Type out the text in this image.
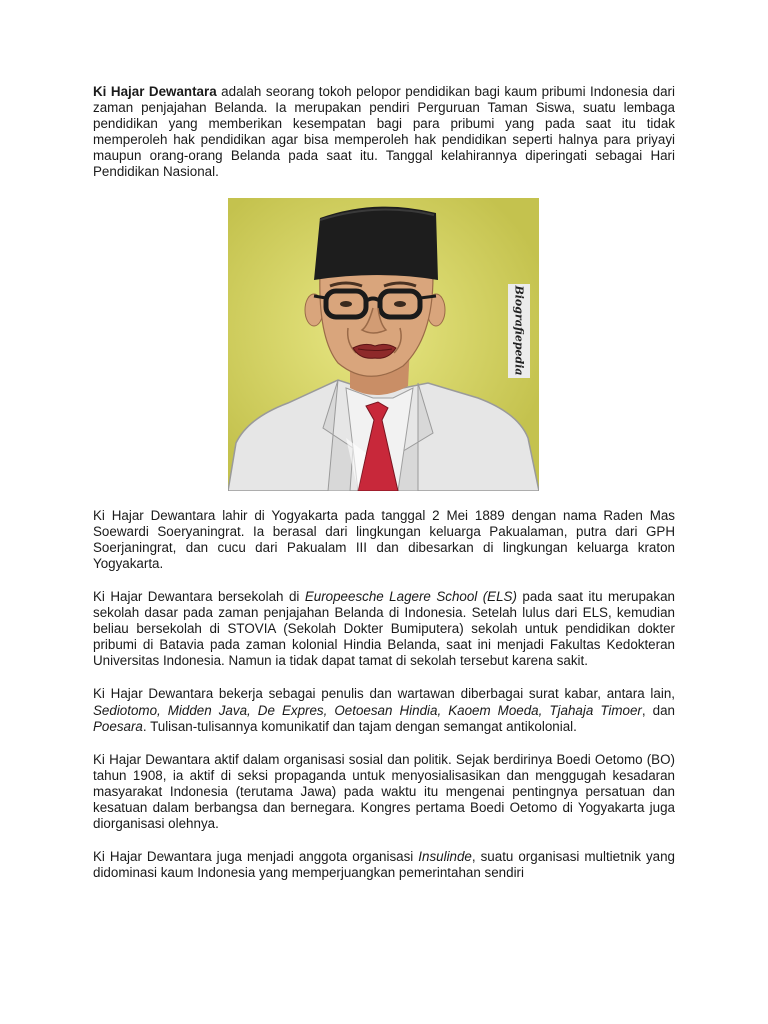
Ki Hajar Dewantara adalah seorang tokoh pelopor pendidikan bagi kaum pribumi Indonesia dari zaman penjajahan Belanda. Ia merupakan pendiri Perguruan Taman Siswa, suatu lembaga pendidikan yang memberikan kesempatan bagi para pribumi yang pada saat itu tidak memperoleh hak pendidikan agar bisa memperoleh hak pendidikan seperti halnya para priyayi maupun orang-orang Belanda pada saat itu. Tanggal kelahirannya diperingati sebagai Hari Pendidikan Nasional.

Biografiepedia

Ki Hajar Dewantara lahir di Yogyakarta pada tanggal 2 Mei 1889 dengan nama Raden Mas Soewardi Soeryaningrat. Ia berasal dari lingkungan keluarga Pakualaman, putra dari GPH Soerjaningrat, dan cucu dari Pakualam III dan dibesarkan di lingkungan keluarga kraton Yogyakarta.

Ki Hajar Dewantara bersekolah di Europeesche Lagere School (ELS) pada saat itu merupakan sekolah dasar pada zaman penjajahan Belanda di Indonesia. Setelah lulus dari ELS, kemudian beliau bersekolah di STOVIA (Sekolah Dokter Bumiputera) sekolah untuk pendidikan dokter pribumi di Batavia pada zaman kolonial Hindia Belanda, saat ini menjadi Fakultas Kedokteran Universitas Indonesia. Namun ia tidak dapat tamat di sekolah tersebut karena sakit.

Ki Hajar Dewantara bekerja sebagai penulis dan wartawan diberbagai surat kabar, antara lain, Sediotomo, Midden Java, De Expres, Oetoesan Hindia, Kaoem Moeda, Tjahaja Timoer, dan Poesara. Tulisan-tulisannya komunikatif dan tajam dengan semangat antikolonial.

Ki Hajar Dewantara aktif dalam organisasi sosial dan politik. Sejak berdirinya Boedi Oetomo (BO) tahun 1908, ia aktif di seksi propaganda untuk menyosialisasikan dan menggugah kesadaran masyarakat Indonesia (terutama Jawa) pada waktu itu mengenai pentingnya persatuan dan kesatuan dalam berbangsa dan bernegara. Kongres pertama Boedi Oetomo di Yogyakarta juga diorganisasi olehnya.

Ki Hajar Dewantara juga menjadi anggota organisasi Insulinde, suatu organisasi multietnik yang didominasi kaum Indonesia yang memperjuangkan pemerintahan sendiri
